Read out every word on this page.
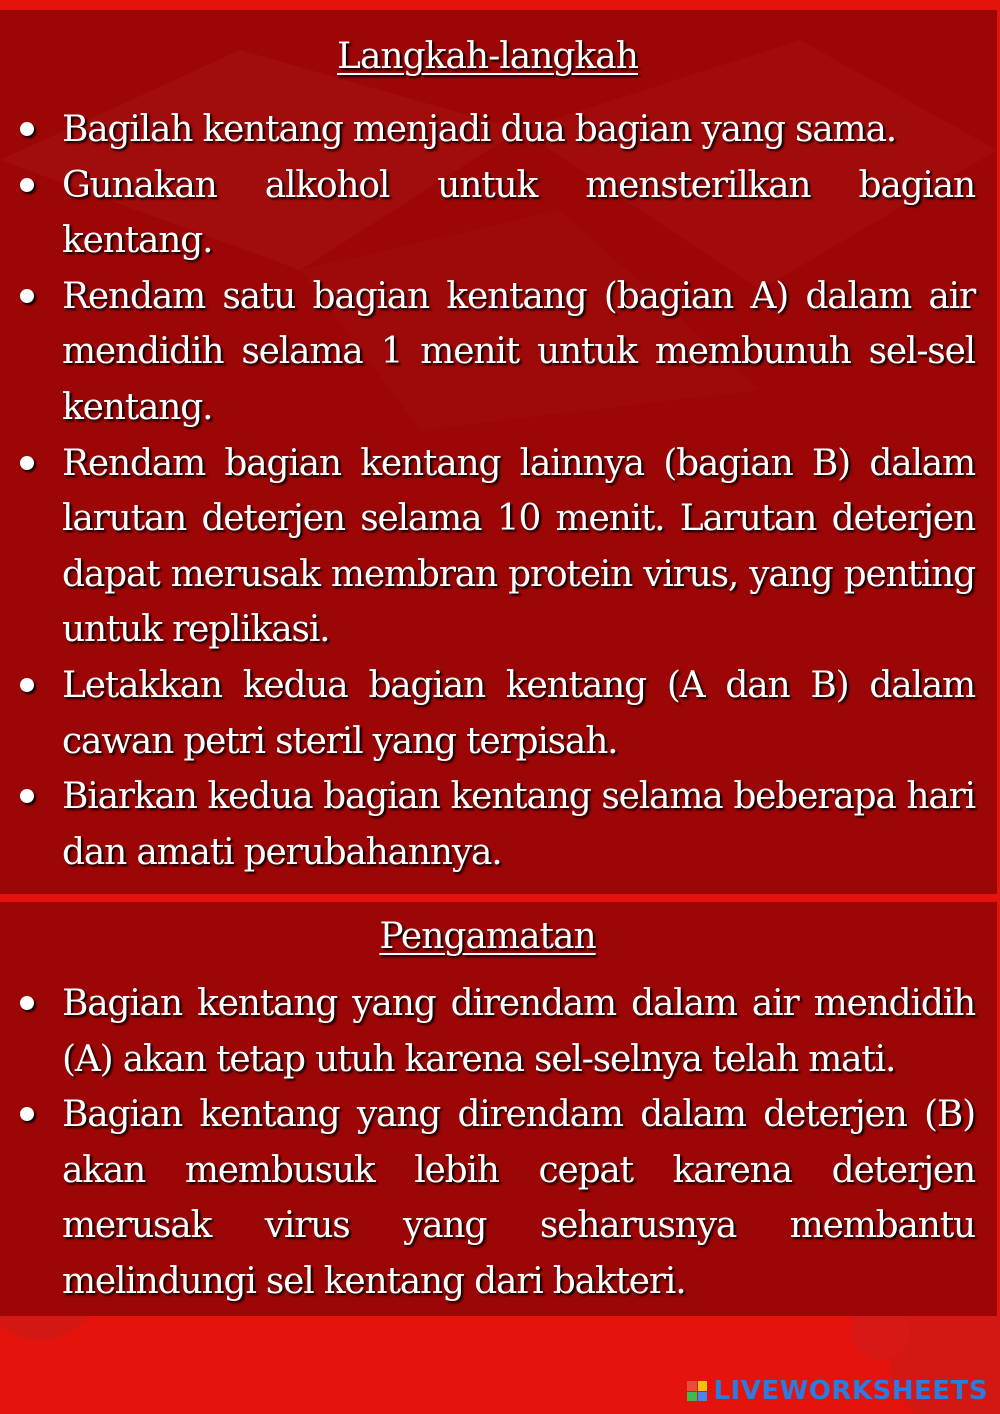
Langkah-langkah
Bagilah kentang menjadi dua bagian yang sama.
Gunakan alkohol untuk mensterilkan bagian kentang.
Rendam satu bagian kentang (bagian A) dalam air mendidih selama 1 menit untuk membunuh sel-sel kentang.
Rendam bagian kentang lainnya (bagian B) dalam larutan deterjen selama 10 menit. Larutan deterjen dapat merusak membran protein virus, yang penting untuk replikasi.
Letakkan kedua bagian kentang (A dan B) dalam cawan petri steril yang terpisah.
Biarkan kedua bagian kentang selama beberapa hari dan amati perubahannya.
Pengamatan
Bagian kentang yang direndam dalam air mendidih (A) akan tetap utuh karena sel-selnya telah mati.
Bagian kentang yang direndam dalam deterjen (B) akan membusuk lebih cepat karena deterjen merusak virus yang seharusnya membantu melindungi sel kentang dari bakteri.
LIVEWORKSHEETS
